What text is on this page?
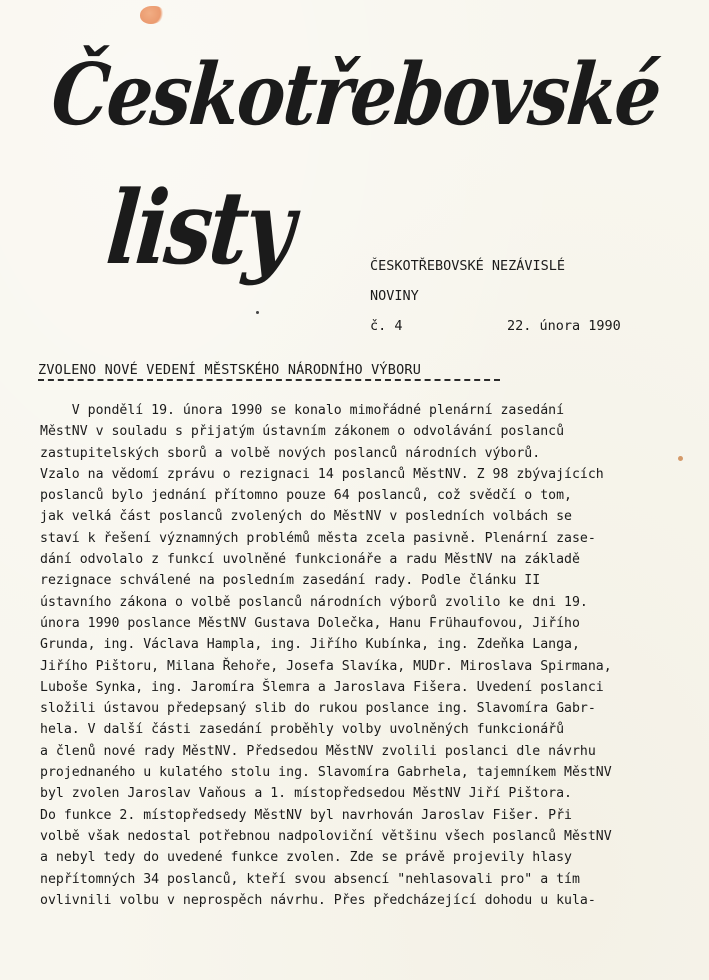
Českotřebovské
listy	ČESKOTŘEBOVSKÉ NEZÁVISLÉ
NOVINY
č. 4	22. února 1990
ZVOLENO NOVÉ VEDENÍ MĚSTSKÉHO NÁRODNÍHO VÝBORU
V pondělí 19. února 1990 se konalo mimořádné plenární zasedání
MěstNV v souladu s přijatým ústavním zákonem o odvolávání poslanců
zastupitelských sborů a volbě nových poslanců národních výborů.
Vzalo na vědomí zprávu o rezignaci 14 poslanců MěstNV. Z 98 zbývajících
poslanců bylo jednání přítomno pouze 64 poslanců, což svědčí o tom,
jak velká část poslanců zvolených do MěstNV v posledních volbách se
staví k řešení významných problémů města zcela pasivně. Plenární zase-
dání odvolalo z funkcí uvolněné funkcionáře a radu MěstNV na základě
rezignace schválené na posledním zasedání rady. Podle článku II
ústavního zákona o volbě poslanců národních výborů zvolilo ke dni 19.
února 1990 poslance MěstNV Gustava Dolečka, Hanu Frühaufovou, Jiřího
Grunda, ing. Václava Hampla, ing. Jiřího Kubínka, ing. Zdeňka Langa,
Jiřího Pištoru, Milana Řehoře, Josefa Slavíka, MUDr. Miroslava Spirmana,
Luboše Synka, ing. Jaromíra Šlemra a Jaroslava Fišera. Uvedení poslanci
složili ústavou předepsaný slib do rukou poslance ing. Slavomíra Gabr-
hela. V další části zasedání proběhly volby uvolněných funkcionářů
a členů nové rady MěstNV. Předsedou MěstNV zvolili poslanci dle návrhu
projednaného u kulatého stolu ing. Slavomíra Gabrhela, tajemníkem MěstNV
byl zvolen Jaroslav Vaňous a 1. místopředsedou MěstNV Jiří Pištora.
Do funkce 2. místopředsedy MěstNV byl navrhován Jaroslav Fišer. Při
volbě však nedostal potřebnou nadpoloviční většinu všech poslanců MěstNV
a nebyl tedy do uvedené funkce zvolen. Zde se právě projevily hlasy
nepřítomných 34 poslanců, kteří svou absencí "nehlasovali pro" a tím
ovlivnili volbu v neprospěch návrhu. Přes předcházející dohodu u kula-
